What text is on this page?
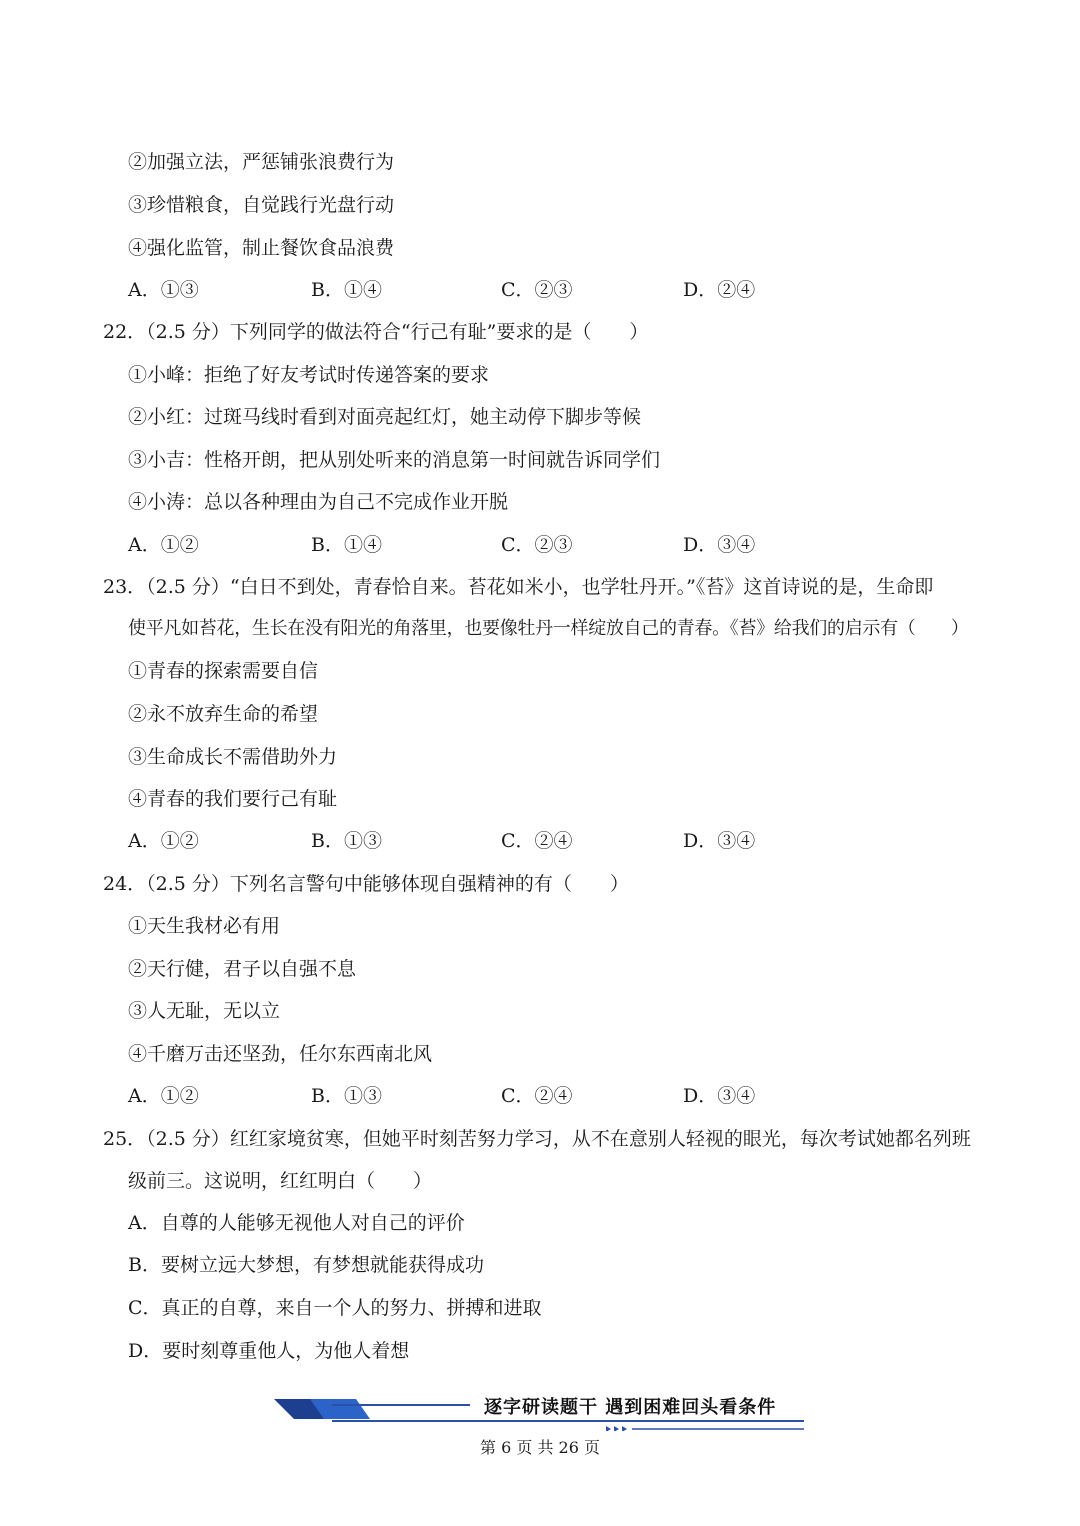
②加强立法，严惩铺张浪费行为
③珍惜粮食，自觉践行光盘行动
④强化监管，制止餐饮食品浪费
A．①③	B．①④	C．②③	D．②④
22．（2.5 分）下列同学的做法符合“行己有耻”要求的是（　　）
①小峰：拒绝了好友考试时传递答案的要求
②小红：过斑马线时看到对面亮起红灯，她主动停下脚步等候
③小吉：性格开朗，把从别处听来的消息第一时间就告诉同学们
④小涛：总以各种理由为自己不完成作业开脱
A．①②	B．①④	C．②③	D．③④
23．（2.5 分）“白日不到处，青春恰自来。苔花如米小，也学牡丹开。”《苔》这首诗说的是，生命即
使平凡如苔花，生长在没有阳光的角落里，也要像牡丹一样绽放自己的青春。《苔》给我们的启示有（　　）
①青春的探索需要自信
②永不放弃生命的希望
③生命成长不需借助外力
④青春的我们要行己有耻
A．①②	B．①③	C．②④	D．③④
24．（2.5 分）下列名言警句中能够体现自强精神的有（　　）
①天生我材必有用
②天行健，君子以自强不息
③人无耻，无以立
④千磨万击还坚劲，任尔东西南北风
A．①②	B．①③	C．②④	D．③④
25．（2.5 分）红红家境贫寒，但她平时刻苦努力学习，从不在意别人轻视的眼光，每次考试她都名列班
级前三。这说明，红红明白（　　）
A．自尊的人能够无视他人对自己的评价
B．要树立远大梦想，有梦想就能获得成功
C．真正的自尊，来自一个人的努力、拼搏和进取
D．要时刻尊重他人，为他人着想
逐字研读题干 遇到困难回头看条件
第 6 页 共 26 页
